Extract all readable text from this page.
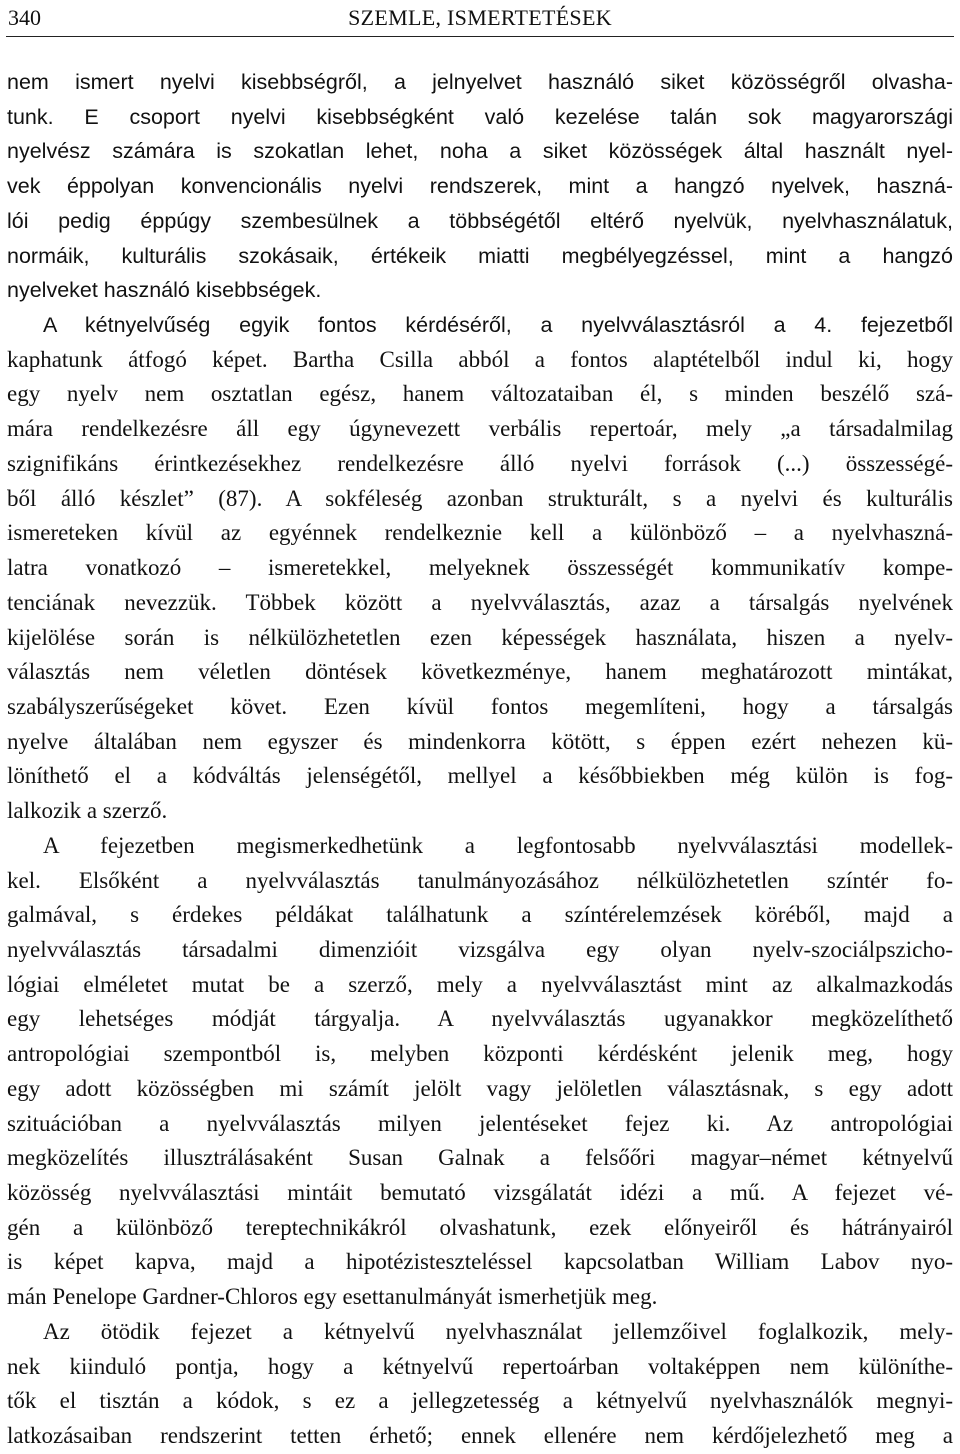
340	SZEMLE, ISMERTETÉSEK
nem ismert nyelvi kisebbségről, a jelnyelvet használó siket közösségről olvasha-
tunk. E csoport nyelvi kisebbségként való kezelése talán sok magyarországi
nyelvész számára is szokatlan lehet, noha a siket közösségek által használt nyel-
vek éppolyan konvencionális nyelvi rendszerek, mint a hangzó nyelvek, haszná-
lói pedig éppúgy szembesülnek a többségétől eltérő nyelvük, nyelvhasználatuk,
normáik, kulturális szokásaik, értékeik miatti megbélyegzéssel, mint a hangzó
nyelveket használó kisebbségek.
A kétnyelvűség egyik fontos kérdéséről, a nyelvválasztásról a 4. fejezetből
kaphatunk átfogó képet. Bartha Csilla abból a fontos alaptételből indul ki, hogy
egy nyelv nem osztatlan egész, hanem változataiban él, s minden beszélő szá-
mára rendelkezésre áll egy úgynevezett verbális repertoár, mely „a társadalmilag
szignifikáns érintkezésekhez rendelkezésre álló nyelvi források (...) összességé-
ből álló készlet” (87). A sokféleség azonban strukturált, s a nyelvi és kulturális
ismereteken kívül az egyénnek rendelkeznie kell a különböző – a nyelvhaszná-
latra vonatkozó – ismeretekkel, melyeknek összességét kommunikatív kompe-
tenciának nevezzük. Többek között a nyelvválasztás, azaz a társalgás nyelvének
kijelölése során is nélkülözhetetlen ezen képességek használata, hiszen a nyelv-
választás nem véletlen döntések következménye, hanem meghatározott mintákat,
szabályszerűségeket követ. Ezen kívül fontos megemlíteni, hogy a társalgás
nyelve általában nem egyszer és mindenkorra kötött, s éppen ezért nehezen kü-
löníthető el a kódváltás jelenségétől, mellyel a későbbiekben még külön is fog-
lalkozik a szerző.
A fejezetben megismerkedhetünk a legfontosabb nyelvválasztási modellek-
kel. Elsőként a nyelvválasztás tanulmányozásához nélkülözhetetlen színtér fo-
galmával, s érdekes példákat találhatunk a színtérelemzések köréből, majd a
nyelvválasztás társadalmi dimenzióit vizsgálva egy olyan nyelv-szociálpszicho-
lógiai elméletet mutat be a szerző, mely a nyelvválasztást mint az alkalmazkodás
egy lehetséges módját tárgyalja. A nyelvválasztás ugyanakkor megközelíthető
antropológiai szempontból is, melyben központi kérdésként jelenik meg, hogy
egy adott közösségben mi számít jelölt vagy jelöletlen választásnak, s egy adott
szituációban a nyelvválasztás milyen jelentéseket fejez ki. Az antropológiai
megközelítés illusztrálásaként Susan Galnak a felsőőri magyar–német kétnyelvű
közösség nyelvválasztási mintáit bemutató vizsgálatát idézi a mű. A fejezet vé-
gén a különböző tereptechnikákról olvashatunk, ezek előnyeiről és hátrányairól
is képet kapva, majd a hipotézisteszteléssel kapcsolatban William Labov nyo-
mán Penelope Gardner-Chloros egy esettanulmányát ismerhetjük meg.
Az ötödik fejezet a kétnyelvű nyelvhasználat jellemzőivel foglalkozik, mely-
nek kiinduló pontja, hogy a kétnyelvű repertoárban voltaképpen nem különíthe-
tők el tisztán a kódok, s ez a jellegzetesség a kétnyelvű nyelvhasználók megnyi-
latkozásaiban rendszerint tetten érhető; ennek ellenére nem kérdőjelezhető meg a
